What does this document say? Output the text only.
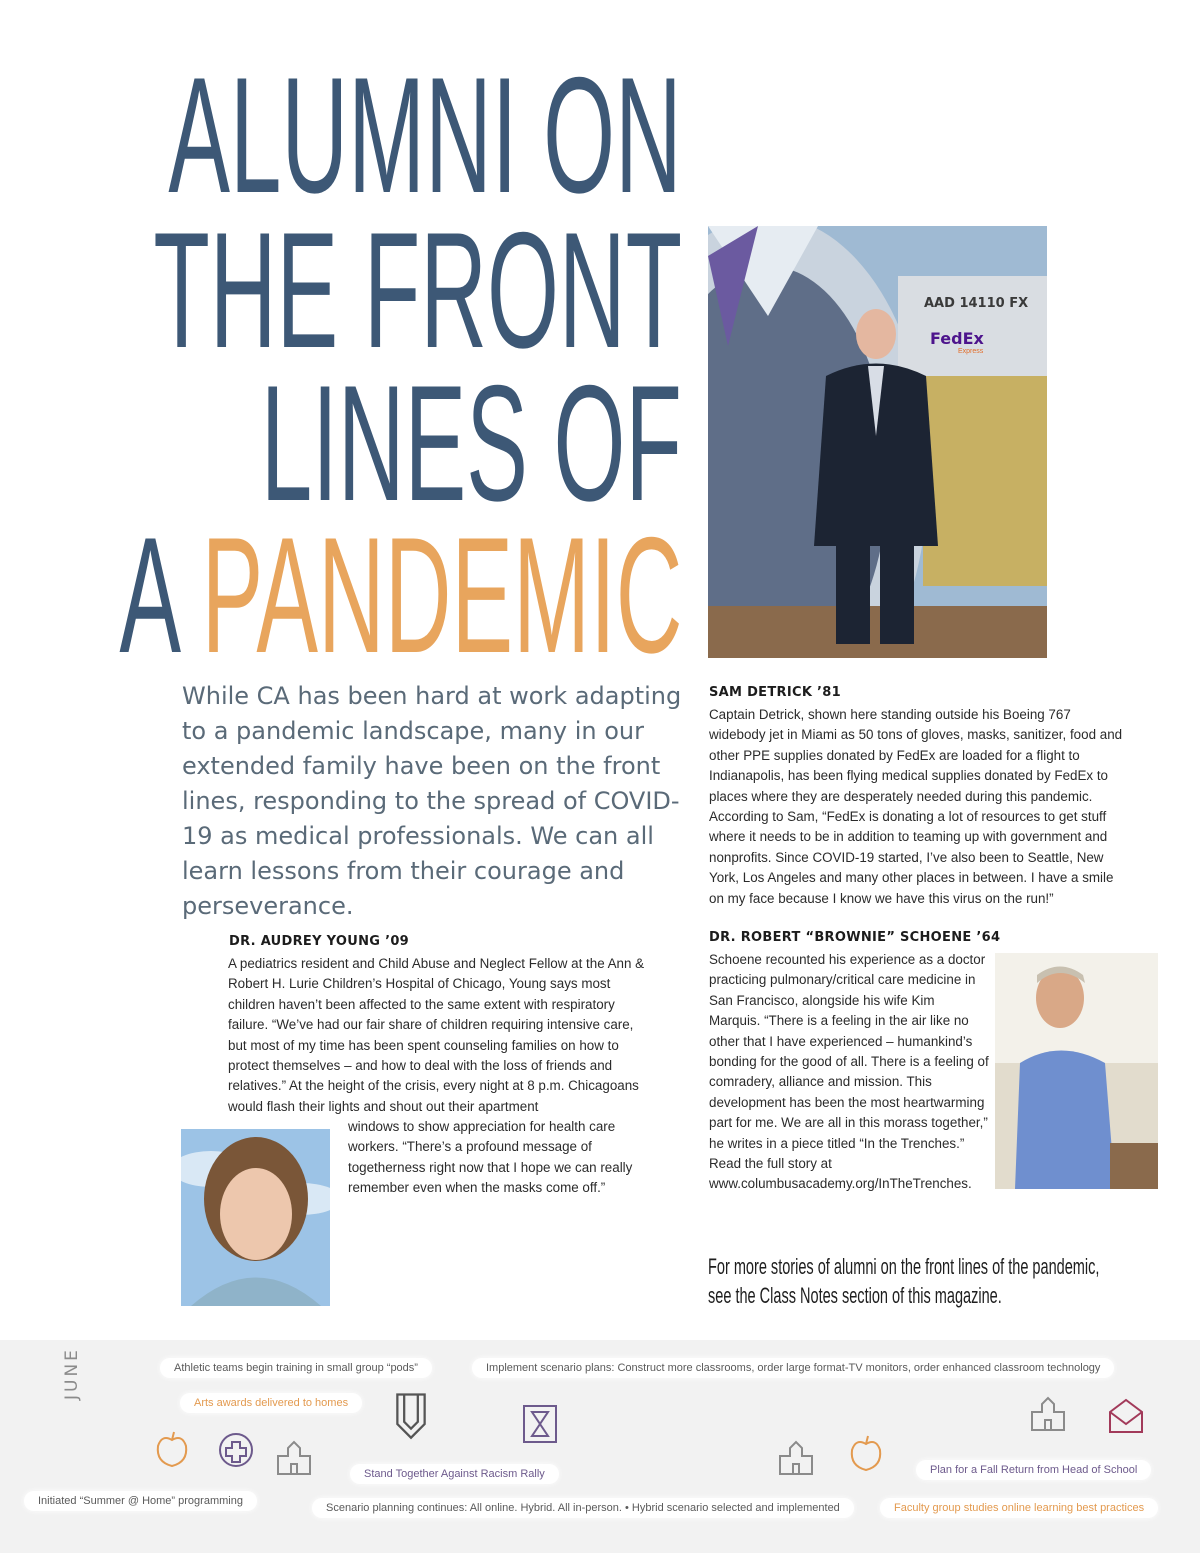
ALUMNI ON
THE FRONT
LINES OF
A PANDEMIC
While CA has been hard at work adapting to a pandemic landscape, many in our extended family have been on the front lines, responding to the spread of COVID-19 as medical professionals. We can all learn lessons from their courage and perseverance.
AAD 14110 FX
FedEx
Express
SAM DETRICK ’81
Captain Detrick, shown here standing outside his Boeing 767 widebody jet in Miami as 50 tons of gloves, masks, sanitizer, food and other PPE supplies donated by FedEx are loaded for a flight to Indianapolis, has been flying medical supplies donated by FedEx to places where they are desperately needed during this pandemic. According to Sam, “FedEx is donating a lot of resources to get stuff where it needs to be in addition to teaming up with government and nonprofits. Since COVID-19 started, I’ve also been to Seattle, New York, Los Angeles and many other places in between. I have a smile on my face because I know we have this virus on the run!”
DR. AUDREY YOUNG ’09
A pediatrics resident and Child Abuse and Neglect Fellow at the Ann & Robert H. Lurie Children’s Hospital of Chicago, Young says most children haven’t been affected to the same extent with respiratory failure. “We’ve had our fair share of children requiring intensive care, but most of my time has been spent counseling families on how to protect themselves – and how to deal with the loss of friends and relatives.” At the height of the crisis, every night at 8 p.m. Chicagoans would flash their lights and shout out their apartment
windows to show appreciation for health care workers. “There’s a profound message of togetherness right now that I hope we can really remember even when the masks come off.”
DR. ROBERT “BROWNIE” SCHOENE ’64
Schoene recounted his experience as a doctor practicing pulmonary/critical care medicine in San Francisco, alongside his wife Kim Marquis. “There is a feeling in the air like no other that I have experienced – humankind’s bonding for the good of all. There is a feeling of comradery, alliance and mission. This development has been the most heartwarming part for me. We are all in this morass together,” he writes in a piece titled “In the Trenches.” Read the full story at www.columbusacademy.org/InTheTrenches.
For more stories of alumni on the front lines of the pandemic,
see the Class Notes section of this magazine.
JUNE	Athletic teams begin training in small group “pods”	Implement scenario plans: Construct more classrooms, order large format-TV monitors, order enhanced classroom technology
Arts awards delivered to homes
Stand Together Against Racism Rally	Plan for a Fall Return from Head of School
Initiated “Summer @ Home” programming
Scenario planning continues: All online. Hybrid. All in-person. • Hybrid scenario selected and implemented	Faculty group studies online learning best practices
